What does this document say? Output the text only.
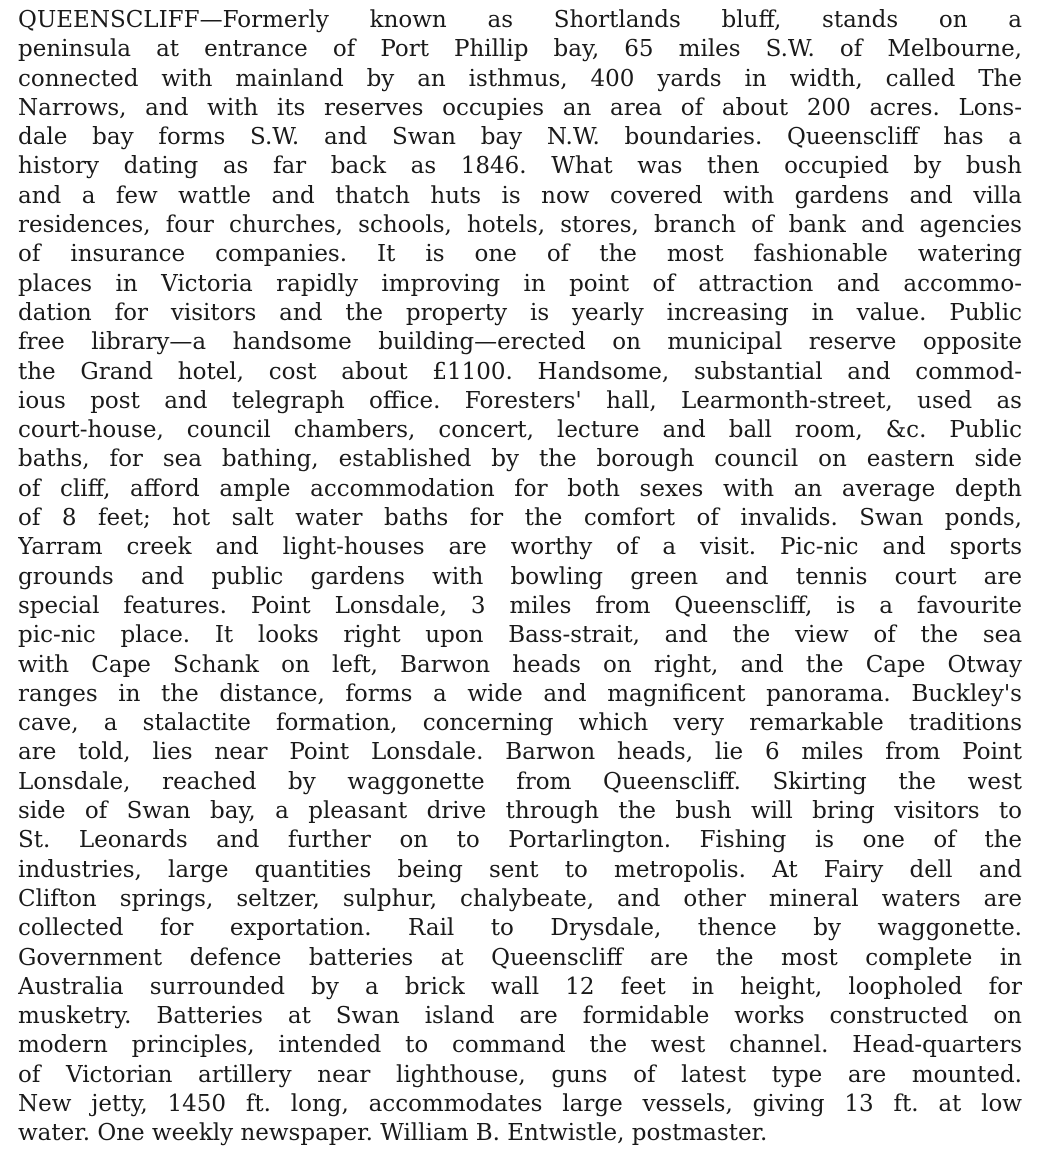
QUEENSCLIFF—Formerly known as Shortlands bluff, stands on a
peninsula at entrance of Port Phillip bay, 65 miles S.W. of Melbourne,
connected with mainland by an isthmus, 400 yards in width, called The
Narrows, and with its reserves occupies an area of about 200 acres. Lons-
dale bay forms S.W. and Swan bay N.W. boundaries. Queenscliff has a
history dating as far back as 1846. What was then occupied by bush
and a few wattle and thatch huts is now covered with gardens and villa
residences, four churches, schools, hotels, stores, branch of bank and agencies
of insurance companies. It is one of the most fashionable watering
places in Victoria rapidly improving in point of attraction and accommo-
dation for visitors and the property is yearly increasing in value. Public
free library—a handsome building—erected on municipal reserve opposite
the Grand hotel, cost about £1100. Handsome, substantial and commod-
ious post and telegraph office. Foresters' hall, Learmonth-street, used as
court-house, council chambers, concert, lecture and ball room, &c. Public
baths, for sea bathing, established by the borough council on eastern side
of cliff, afford ample accommodation for both sexes with an average depth
of 8 feet; hot salt water baths for the comfort of invalids. Swan ponds,
Yarram creek and light-houses are worthy of a visit. Pic-nic and sports
grounds and public gardens with bowling green and tennis court are
special features. Point Lonsdale, 3 miles from Queenscliff, is a favourite
pic-nic place. It looks right upon Bass-strait, and the view of the sea
with Cape Schank on left, Barwon heads on right, and the Cape Otway
ranges in the distance, forms a wide and magnificent panorama. Buckley's
cave, a stalactite formation, concerning which very remarkable traditions
are told, lies near Point Lonsdale. Barwon heads, lie 6 miles from Point
Lonsdale, reached by waggonette from Queenscliff. Skirting the west
side of Swan bay, a pleasant drive through the bush will bring visitors to
St. Leonards and further on to Portarlington. Fishing is one of the
industries, large quantities being sent to metropolis. At Fairy dell and
Clifton springs, seltzer, sulphur, chalybeate, and other mineral waters are
collected for exportation. Rail to Drysdale, thence by waggonette.
Government defence batteries at Queenscliff are the most complete in
Australia surrounded by a brick wall 12 feet in height, loopholed for
musketry. Batteries at Swan island are formidable works constructed on
modern principles, intended to command the west channel. Head-quarters
of Victorian artillery near lighthouse, guns of latest type are mounted.
New jetty, 1450 ft. long, accommodates large vessels, giving 13 ft. at low
water. One weekly newspaper. William B. Entwistle, postmaster.
